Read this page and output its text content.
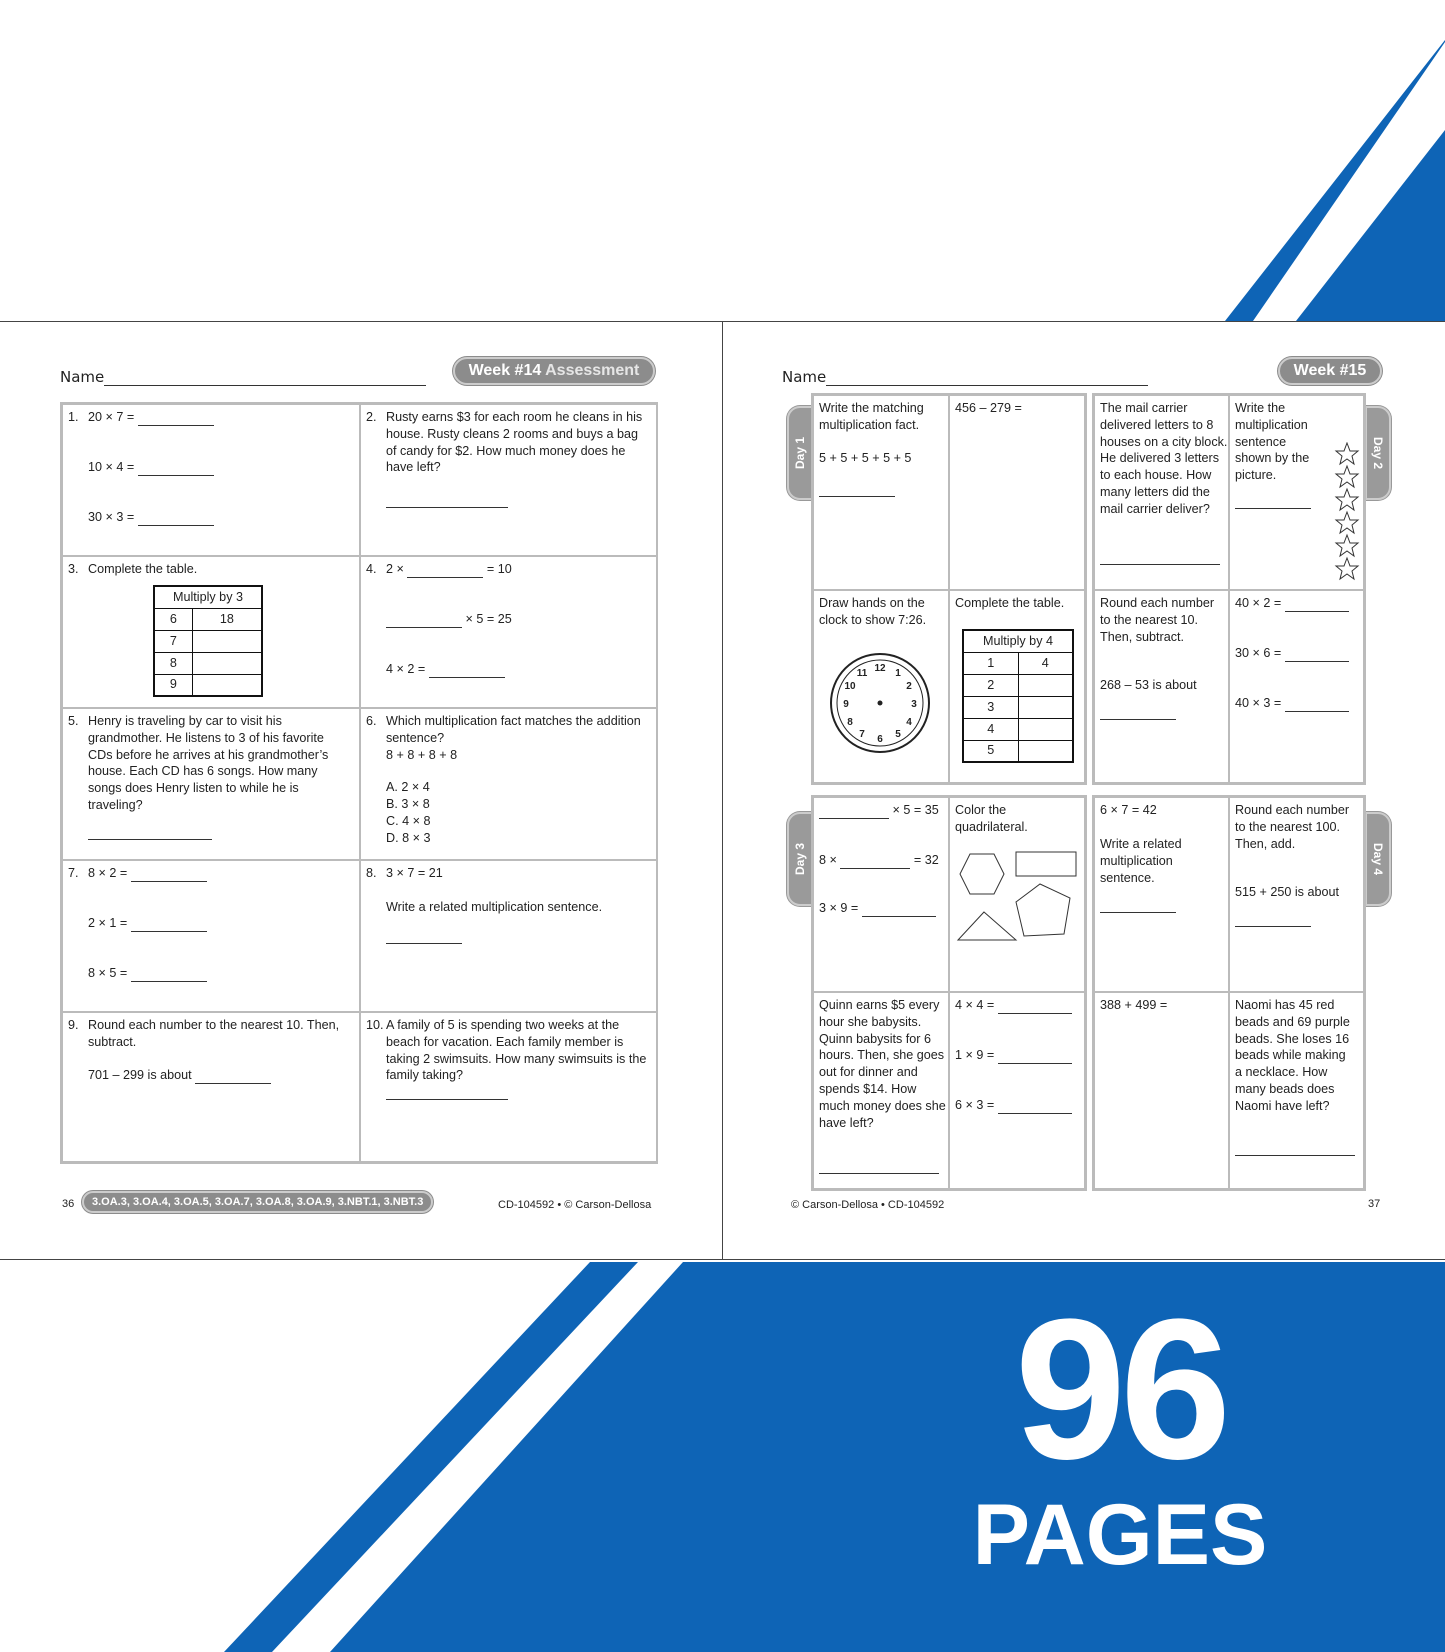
Name	Week #14 Assessment
1. 20 × 7 =
10 × 4 =
30 × 3 =
2. Rusty earns $3 for each room he cleans in his house. Rusty cleans 2 rooms and buys a bag of candy for $2. How much money does he have left?
3. Complete the table.
Multiply by 3	
6	18
7	
8	
9	
4. 2 ×	= 10
× 5 = 25
4 × 2 =
5. Henry is traveling by car to visit his grandmother. He listens to 3 of his favorite CDs before he arrives at his grandmother’s house. Each CD has 6 songs. How many songs does Henry listen to while he is traveling?
6. Which multiplication fact matches the addition sentence?
8 + 8 + 8 + 8
A. 2 × 4
B. 3 × 8
C. 4 × 8
D. 8 × 3
7. 8 × 2 =
2 × 1 =
8 × 5 =
8. 3 × 7 = 21
Write a related multiplication sentence.
9. Round each number to the nearest 10. Then, subtract.
701 – 299 is about
10. A family of 5 is spending two weeks at the beach for vacation. Each family member is taking 2 swimsuits. How many swimsuits is the family taking?
36	3.OA.3, 3.OA.4, 3.OA.5, 3.OA.7, 3.OA.8, 3.OA.9, 3.NBT.1, 3.NBT.3	CD-104592 • © Carson-Dellosa
Name	Week #15
Day 1	Day 2
Day 3	Day 4
Write the matching multiplication fact.
5 + 5 + 5 + 5 + 5
456 – 279 =
Draw hands on the clock to show 7:26.
12 1
2
3
4
5
6
7
8
9
10
11
Complete the table.
Multiply by 4	
1	4
2	
3	
4	
5	
The mail carrier delivered letters to 8 houses on a city block. He delivered 3 letters to each house. How many letters did the mail carrier deliver?
Write the multiplication sentence shown by the picture.
Round each number to the nearest 10. Then, subtract.
268 – 53 is about
40 × 2 =
30 × 6 =
40 × 3 =
× 5 = 35
8 ×	= 32
3 × 9 =
Color the quadrilateral.
Quinn earns $5 every hour she babysits. Quinn babysits for 6 hours. Then, she goes out for dinner and spends $14. How much money does she have left?
4 × 4 =
1 × 9 =
6 × 3 =
6 × 7 = 42
Write a related multiplication sentence.
Round each number to the nearest 100. Then, add.
515 + 250 is about
388 + 499 =	Naomi has 45 red beads and 69 purple beads. She loses 16 beads while making a necklace. How many beads does Naomi have left?
© Carson-Dellosa • CD-104592	37
96
PAGES
